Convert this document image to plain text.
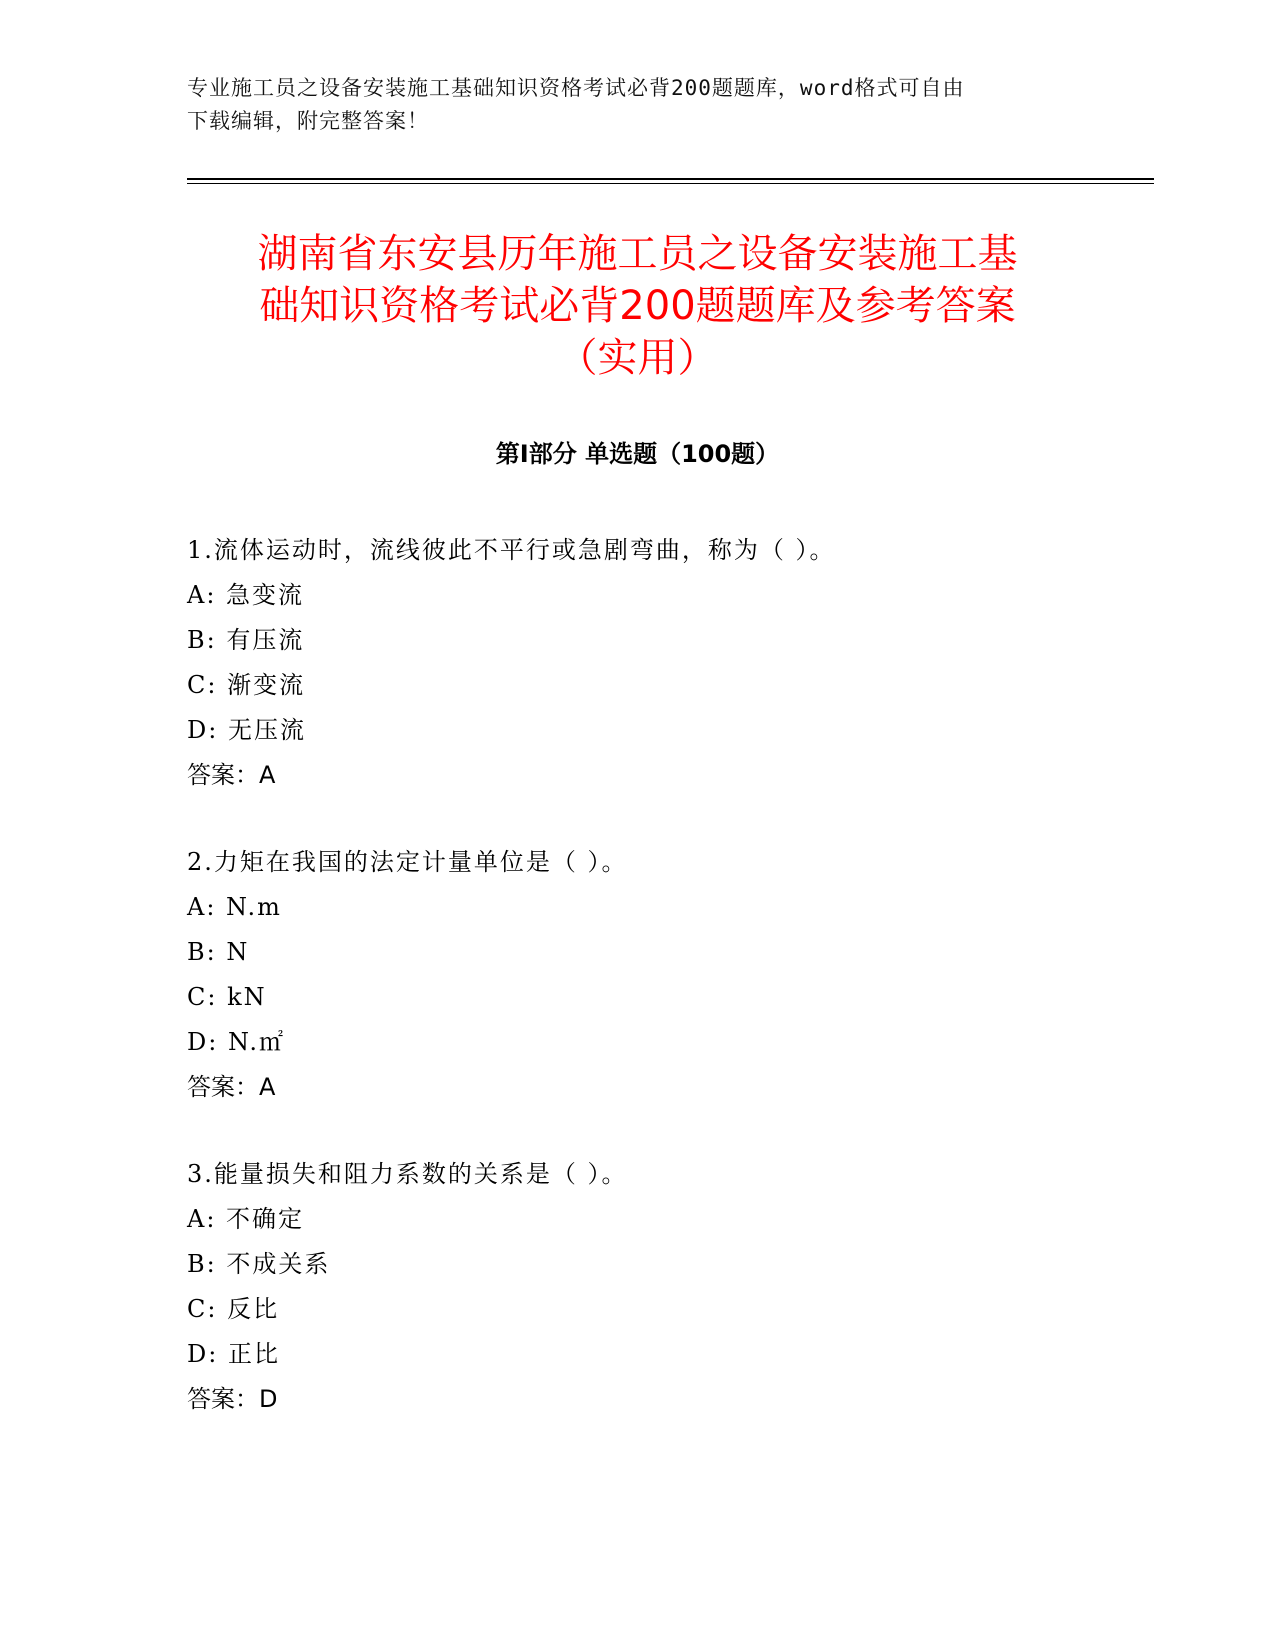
专业施工员之设备安装施工基础知识资格考试必背200题题库，word格式可自由
下载编辑，附完整答案！
湖南省东安县历年施工员之设备安装施工基
础知识资格考试必背200题题库及参考答案
（实用）
第Ⅰ部分 单选题（100题）
1.流体运动时，流线彼此不平行或急剧弯曲，称为（ ）。
A: 急变流
B: 有压流
C: 渐变流
D: 无压流
答案：A
2.力矩在我国的法定计量单位是（ ）。
A: N.m
B: N
C: kN
D: N.㎡
答案：A
3.能量损失和阻力系数的关系是（ ）。
A: 不确定
B: 不成关系
C: 反比
D: 正比
答案：D
